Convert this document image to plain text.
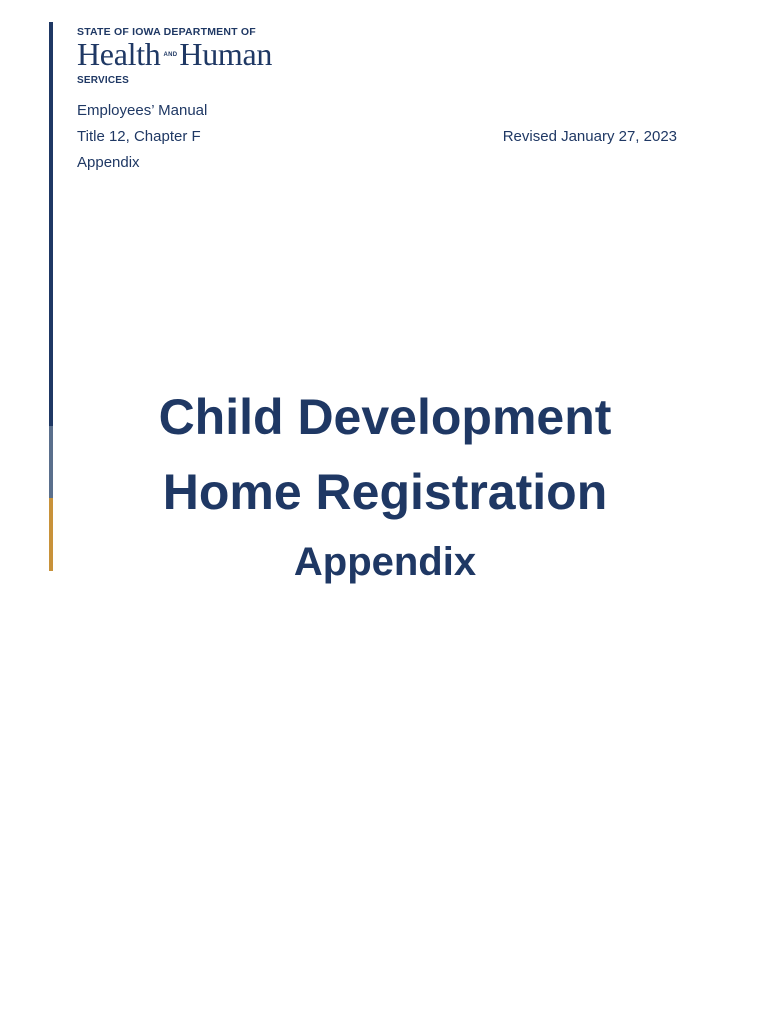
STATE OF IOWA DEPARTMENT OF
Health ANDHuman
SERVICES
Employees’ Manual
Title 12, Chapter F
Appendix
Revised January 27, 2023
Child Development
Home Registration
Appendix
